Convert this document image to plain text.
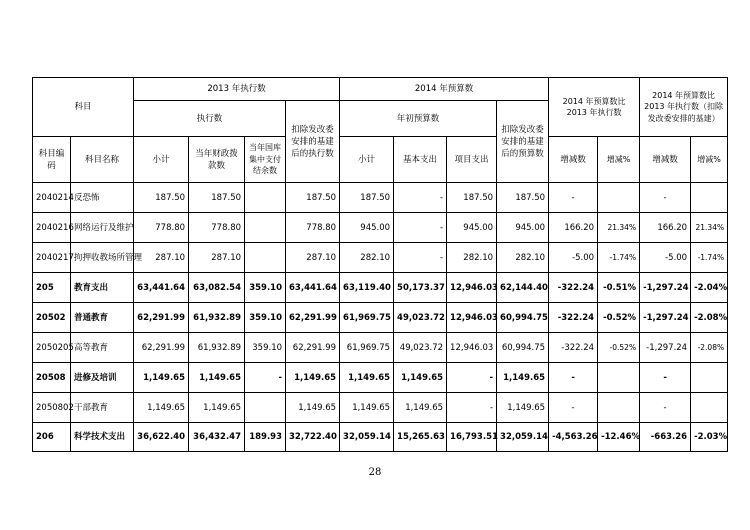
科目		2013 年执行数				2014 年预算数				2014 年预算数比 2013 年执行数		2014 年预算数比 2013 年执行数（扣除发改委安排的基建）	
		执行数			扣除发改委安排的基建后的执行数	年初预算数			扣除发改委安排的基建后的预算数				
科目编码	科目名称	小计	当年财政拨款数	当年国库集中支付结余数		小计	基本支出	项目支出		增减数	增减%	增减数	增减%
2040214	反恐怖	187.50	187.50		187.50	187.50	-	187.50	187.50	-		-	
2040216	网络运行及维护	778.80	778.80		778.80	945.00	-	945.00	945.00	166.20	21.34%	166.20	21.34%
2040217	拘押收教场所管理	287.10	287.10		287.10	282.10	-	282.10	282.10	-5.00	-1.74%	-5.00	-1.74%
205	教育支出	63,441.64	63,082.54	359.10	63,441.64	63,119.40	50,173.37	12,946.03	62,144.40	-322.24	-0.51%	-1,297.24	-2.04%
20502	普通教育	62,291.99	61,932.89	359.10	62,291.99	61,969.75	49,023.72	12,946.03	60,994.75	-322.24	-0.52%	-1,297.24	-2.08%
2050205	高等教育	62,291.99	61,932.89	359.10	62,291.99	61,969.75	49,023.72	12,946.03	60,994.75	-322.24	-0.52%	-1,297.24	-2.08%
20508	进修及培训	1,149.65	1,149.65	-	1,149.65	1,149.65	1,149.65	-	1,149.65	-		-	
2050802	干部教育	1,149.65	1,149.65		1,149.65	1,149.65	1,149.65	-	1,149.65	-		-	
206	科学技术支出	36,622.40	36,432.47	189.93	32,722.40	32,059.14	15,265.63	16,793.51	32,059.14	-4,563.26	-12.46%	-663.26	-2.03%
28
